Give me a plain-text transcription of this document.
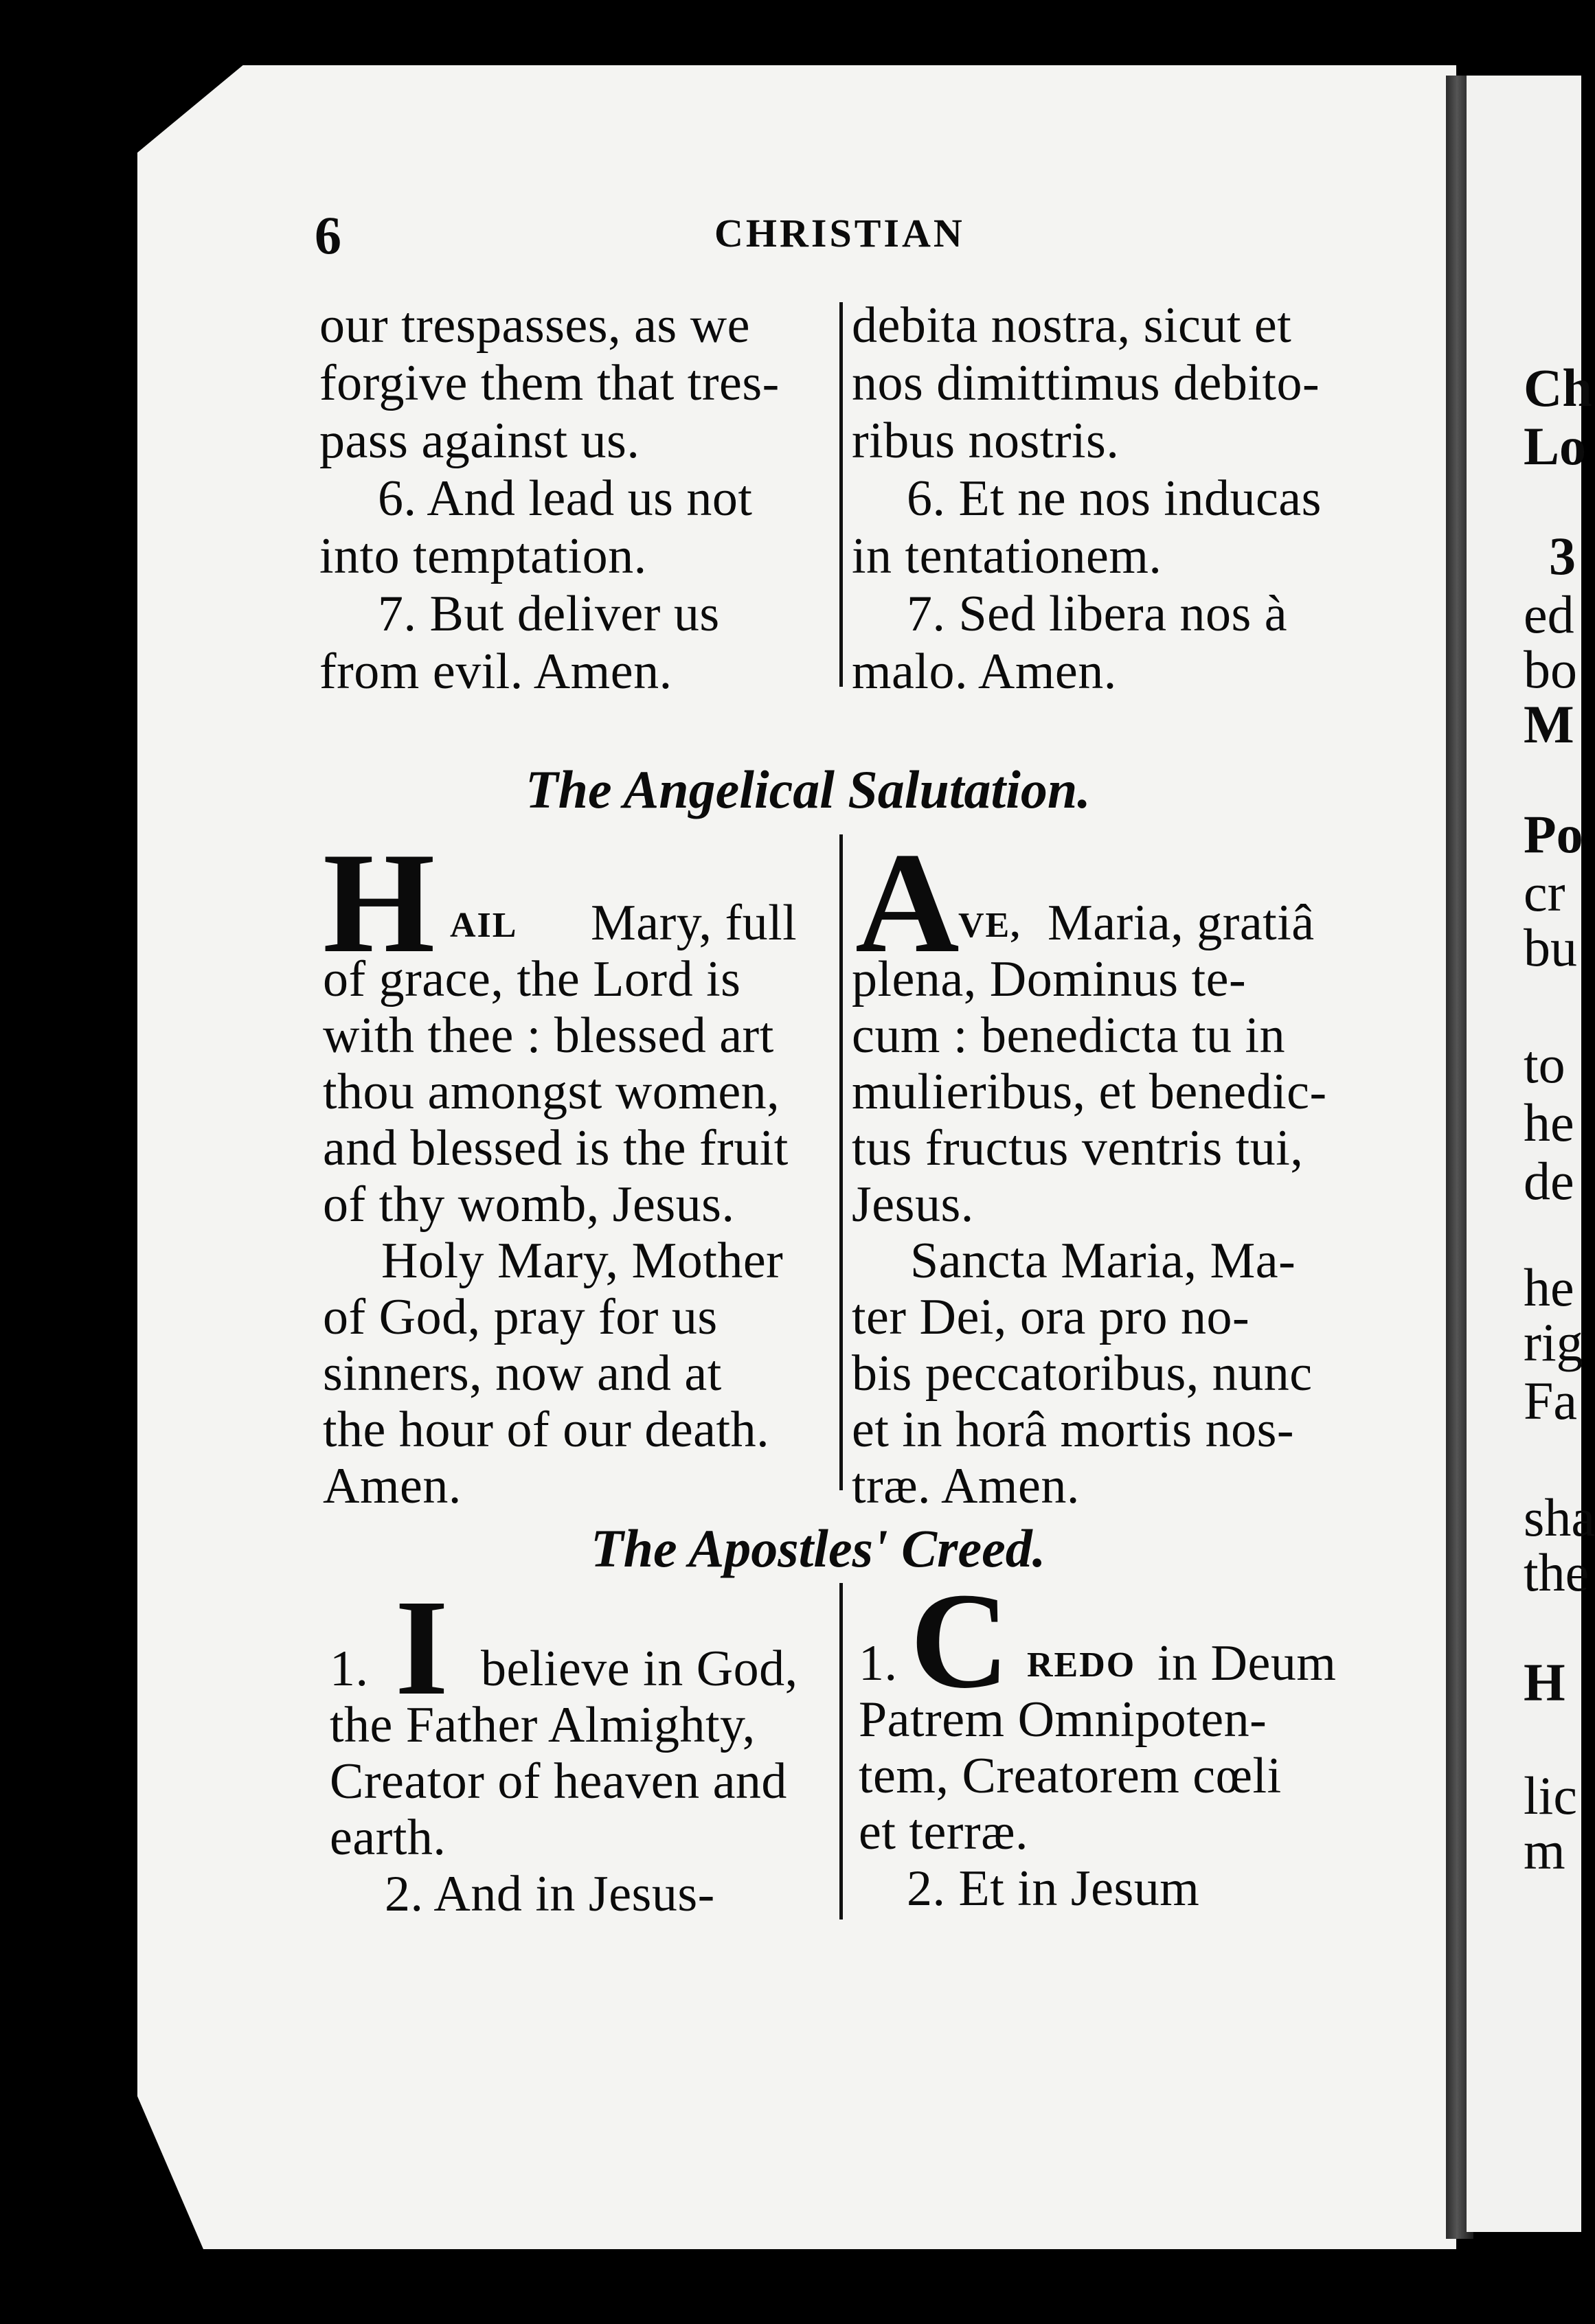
6	CHRISTIAN
our trespasses, as we
forgive them that tres-
pass against us.
6. And lead us not
into temptation.
7. But deliver us
from evil. Amen.
debita nostra, sicut et
nos dimittimus debito-
ribus nostris.
6. Et ne nos inducas
in tentationem.
7. Sed libera nos à
malo. Amen.
The Angelical Salutation.
H AIL Mary, full
of grace, the Lord is
with thee : blessed art
thou amongst women,
and blessed is the fruit
of thy womb, Jesus.
Holy Mary, Mother
of God, pray for us
sinners, now and at
the hour of our death.
Amen.
A
VE, Maria, gratiâ
plena, Dominus te-
cum : benedicta tu in
mulieribus, et benedic-
tus fructus ventris tui,
Jesus.
Sancta Maria, Ma-
ter Dei, ora pro no-
bis peccatoribus, nunc
et in horâ mortis nos-
træ. Amen.
The Apostles' Creed.
1. I believe in God,
the Father Almighty,
Creator of heaven and
earth.
2. And in Jesus-
1. C REDO in Deum
Patrem Omnipoten-
tem, Creatorem cœli
et terræ.
2. Et in Jesum
Ch
Lo
3
ed
bo
M
Po
cr
bu
to
he
de
he
rig
Fa
sha
the
H
lic
m
